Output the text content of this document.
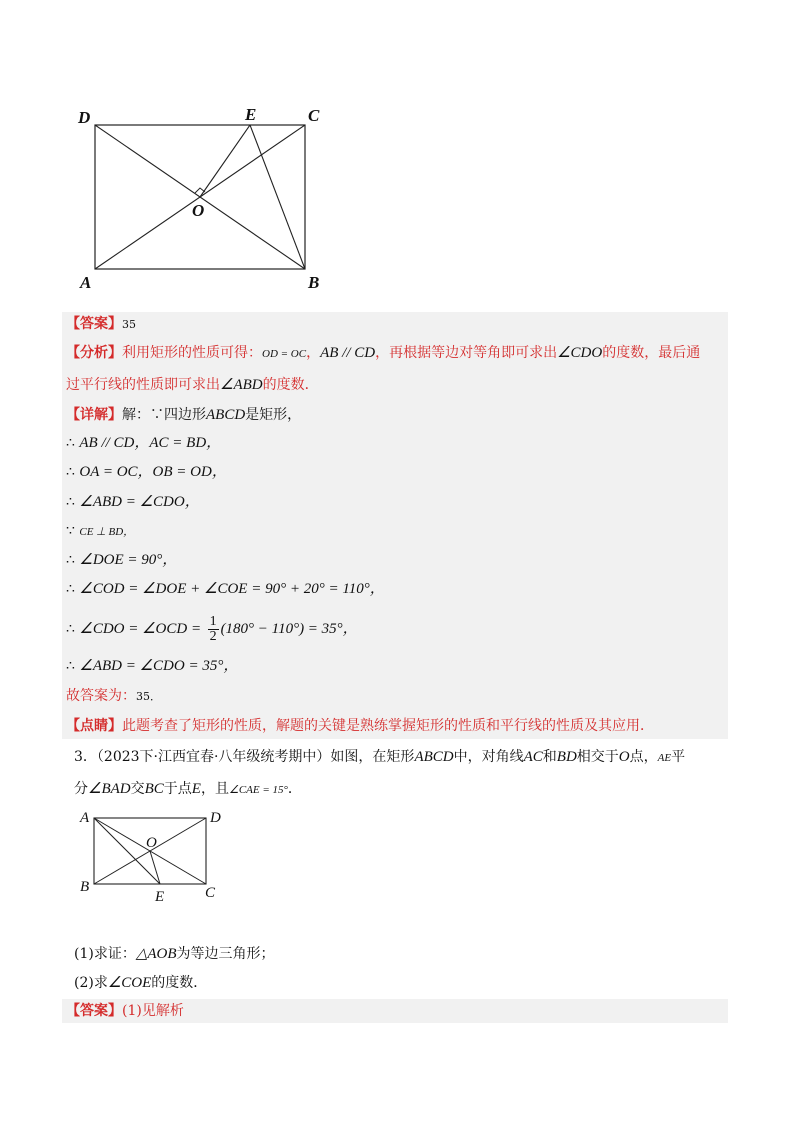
D	E	C
O
A	B
【答案】35
【分析】利用矩形的性质可得：OD = OC，AB // CD，再根据等边对等角即可求出∠CDO的度数，最后通
过平行线的性质即可求出∠ABD的度数．
【详解】解：∵四边形ABCD是矩形，
∴ AB // CD，AC = BD，
∴ OA = OC，OB = OD，
∴ ∠ABD = ∠CDO，
∵ CE ⊥ BD，
∴ ∠DOE = 90°，
∴ ∠COD = ∠DOE + ∠COE = 90° + 20° = 110°，
∴ ∠CDO = ∠OCD = $\frac{1}{2} (180^\circ - 110^\circ) = 35^\circ$，
∴ ∠ABD = ∠CDO = 35°，
故答案为：35．
【点睛】此题考查了矩形的性质，解题的关键是熟练掌握矩形的性质和平行线的性质及其应用．
3．（2023下·江西宜春·八年级统考期中）如图，在矩形ABCD中，对角线AC和BD相交于O点，AE平
分∠BAD交BC于点E，且∠CAE = 15°．
A	D
O
B
E	C
(1)求证：△AOB为等边三角形；
(2)求∠COE的度数．
【答案】(1)见解析
